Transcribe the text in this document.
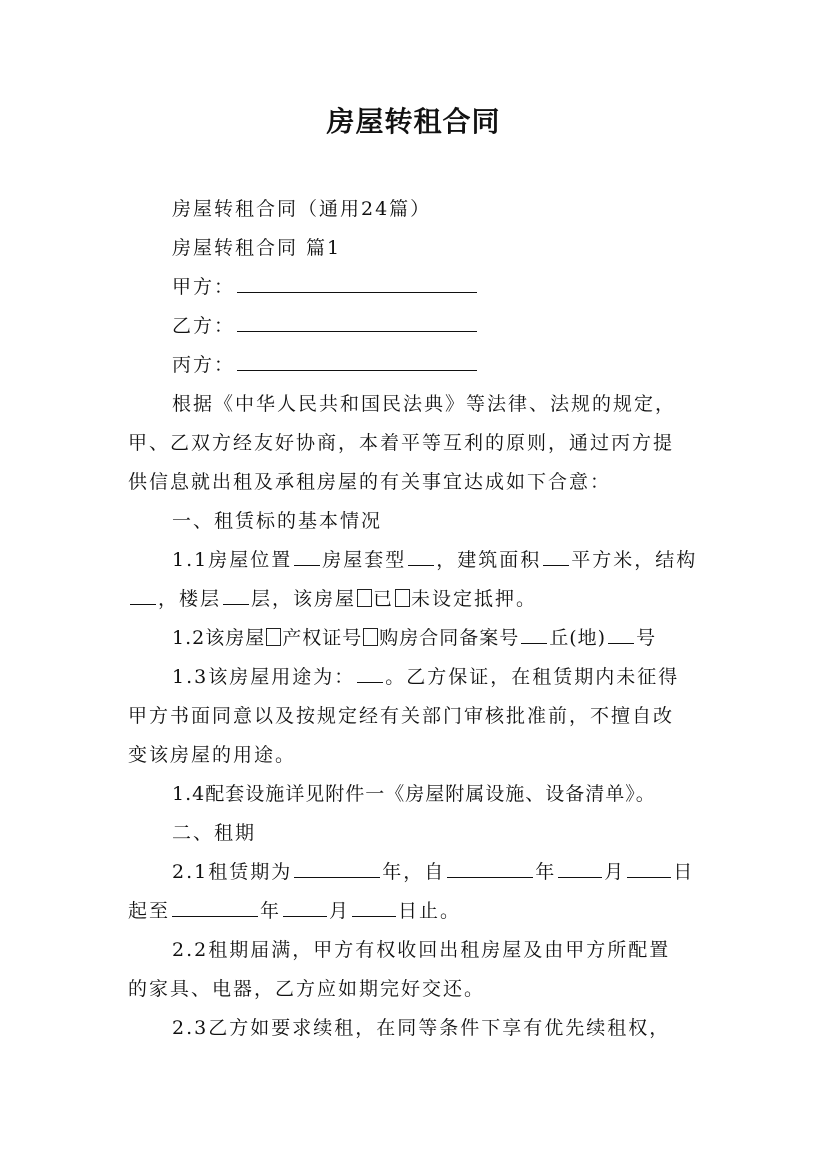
房屋转租合同

房屋转租合同（通用24篇）

房屋转租合同 篇1

甲方：

乙方：

丙方：

根据《中华人民共和国民法典》等法律、法规的规定，

甲、乙双方经友好协商，本着平等互利的原则，通过丙方提

供信息就出租及承租房屋的有关事宜达成如下合意：

一、租赁标的基本情况

1.1房屋位置 房屋套型 ，建筑面积 平方米，结构

，楼层 层，该房屋 已 未设定抵押。

1.2该房屋 产权证号 购房合同备案号 丘(地) 号

1.3该房屋用途为： 。乙方保证，在租赁期内未征得

甲方书面同意以及按规定经有关部门审核批准前，不擅自改

变该房屋的用途。

1.4配套设施详见附件一《房屋附属设施、设备清单》。

二、租期

2.1租赁期为	年，自	年	月	日

起至	年	月	日止。

2.2租期届满，甲方有权收回出租房屋及由甲方所配置

的家具、电器，乙方应如期完好交还。

2.3乙方如要求续租，在同等条件下享有优先续租权，
